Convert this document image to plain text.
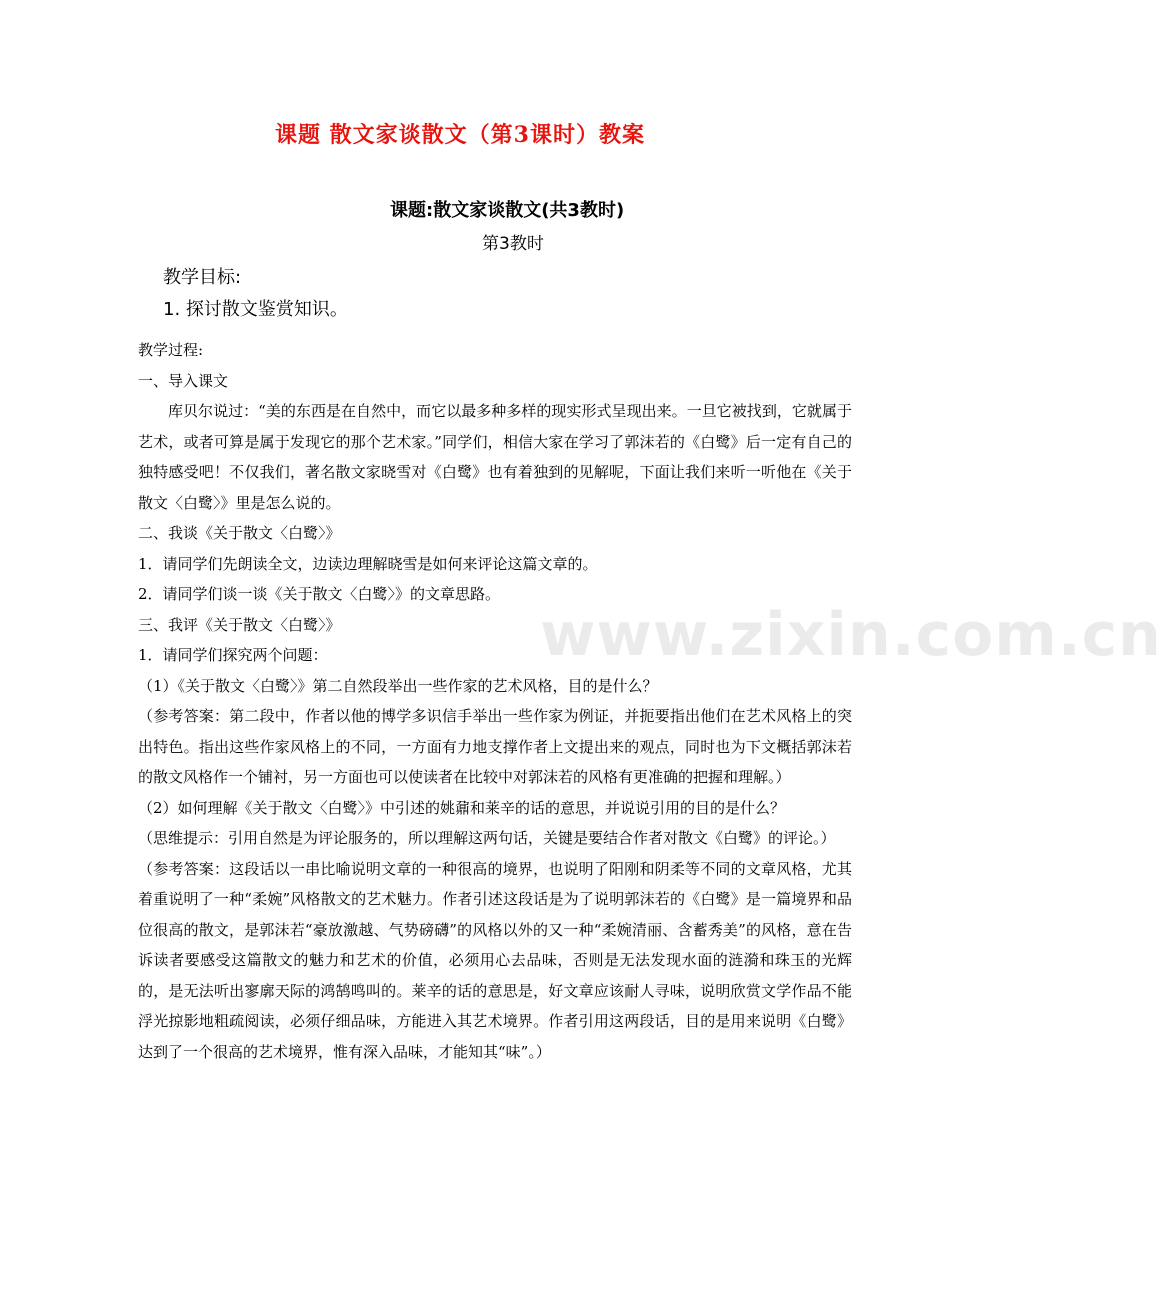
课题 散文家谈散文（第3课时）教案
课题:散文家谈散文(共3教时)
第3教时
教学目标:
1. 探讨散文鉴赏知识。

教学过程:

一、导入课文

库贝尔说过：“美的东西是在自然中，而它以最多种多样的现实形式呈现出来。一旦它被找到，它就属于艺术，或者可算是属于发现它的那个艺术家。”同学们，相信大家在学习了郭沫若的《白鹭》后一定有自己的独特感受吧！不仅我们，著名散文家晓雪对《白鹭》也有着独到的见解呢，下面让我们来听一听他在《关于散文〈白鹭〉》里是怎么说的。

二、我谈《关于散文〈白鹭〉》

1．请同学们先朗读全文，边读边理解晓雪是如何来评论这篇文章的。

2．请同学们谈一谈《关于散文〈白鹭〉》的文章思路。

三、我评《关于散文〈白鹭〉》

1．请同学们探究两个问题：

（1）《关于散文〈白鹭〉》第二自然段举出一些作家的艺术风格，目的是什么？

（参考答案：第二段中，作者以他的博学多识信手举出一些作家为例证，并扼要指出他们在艺术风格上的突出特色。指出这些作家风格上的不同，一方面有力地支撑作者上文提出来的观点，同时也为下文概括郭沫若的散文风格作一个铺衬，另一方面也可以使读者在比较中对郭沫若的风格有更准确的把握和理解。）

（2）如何理解《关于散文〈白鹭〉》中引述的姚鼐和莱辛的话的意思，并说说引用的目的是什么？

（思维提示：引用自然是为评论服务的，所以理解这两句话，关键是要结合作者对散文《白鹭》的评论。）

（参考答案：这段话以一串比喻说明文章的一种很高的境界，也说明了阳刚和阴柔等不同的文章风格，尤其着重说明了一种“柔婉”风格散文的艺术魅力。作者引述这段话是为了说明郭沫若的《白鹭》是一篇境界和品位很高的散文，是郭沫若“豪放激越、气势磅礴”的风格以外的又一种“柔婉清丽、含蓄秀美”的风格，意在告诉读者要感受这篇散文的魅力和艺术的价值，必须用心去品味，否则是无法发现水面的涟漪和珠玉的光辉的，是无法听出寥廓天际的鸿鹄鸣叫的。莱辛的话的意思是，好文章应该耐人寻味，说明欣赏文学作品不能浮光掠影地粗疏阅读，必须仔细品味，方能进入其艺术境界。作者引用这两段话，目的是用来说明《白鹭》达到了一个很高的艺术境界，惟有深入品味，才能知其“味”。）

www.zixin.com.cn
